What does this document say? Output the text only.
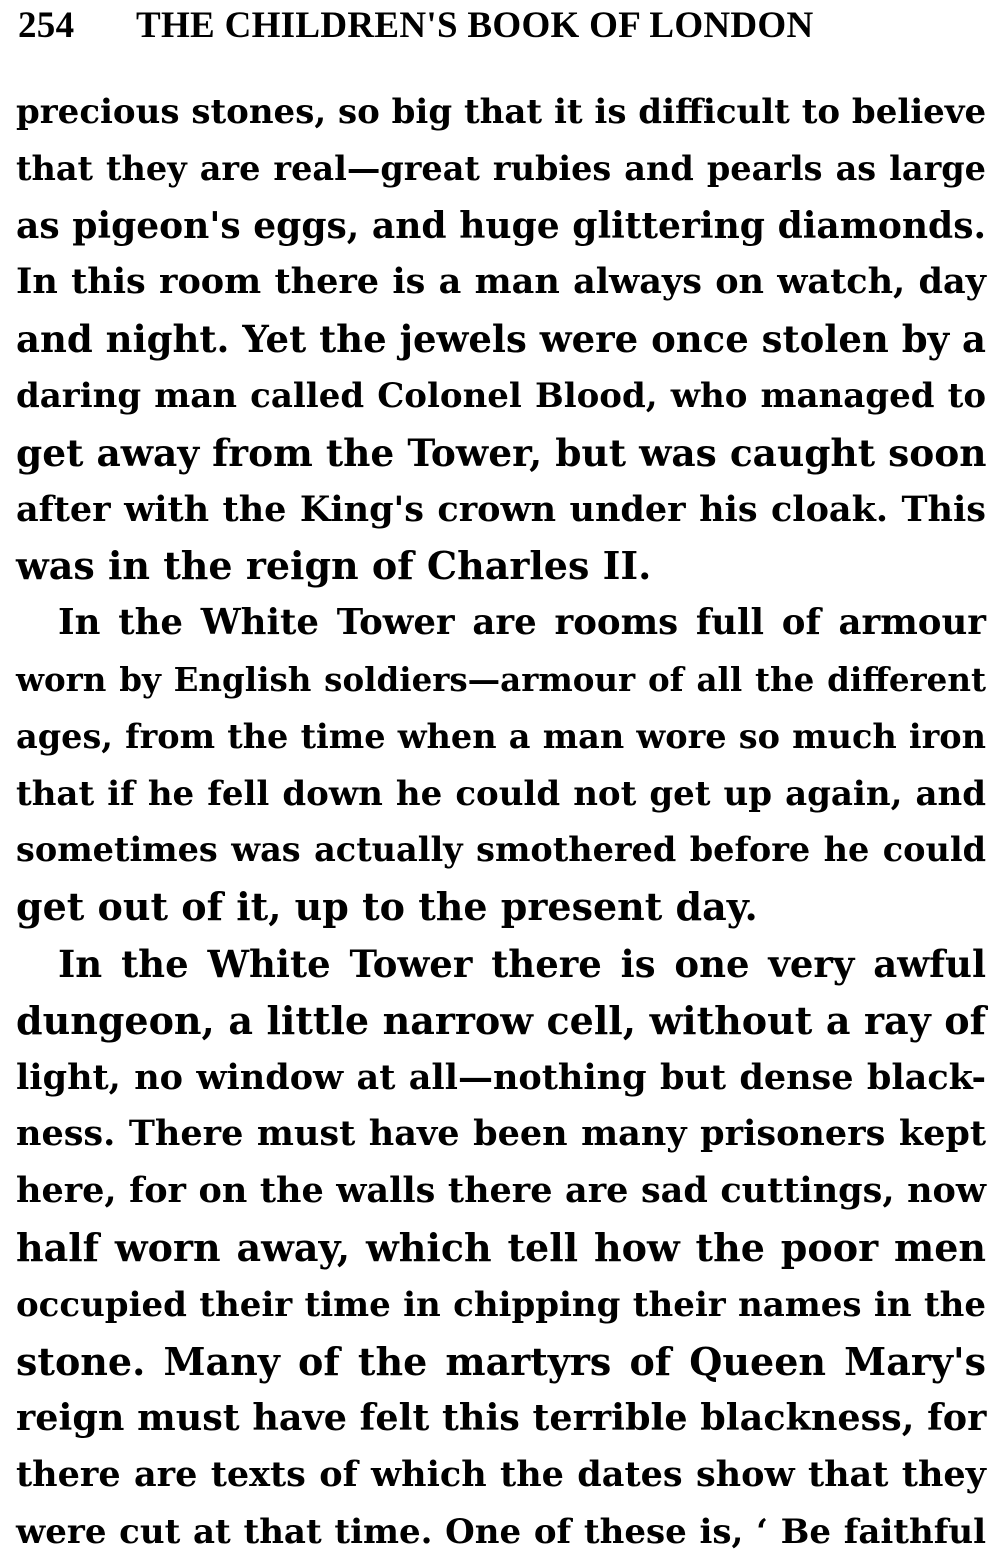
254	THE CHILDREN'S BOOK OF LONDON
precious stones, so big that it is difficult to believe
that they are real—great rubies and pearls as large
as pigeon's eggs, and huge glittering diamonds.
In this room there is a man always on watch, day
and night. Yet the jewels were once stolen by a
daring man called Colonel Blood, who managed to
get away from the Tower, but was caught soon
after with the King's crown under his cloak. This
was in the reign of Charles II.
In the White Tower are rooms full of armour
worn by English soldiers—armour of all the different
ages, from the time when a man wore so much iron
that if he fell down he could not get up again, and
sometimes was actually smothered before he could
get out of it, up to the present day.
In the White Tower there is one very awful
dungeon, a little narrow cell, without a ray of
light, no window at all—nothing but dense black-
ness. There must have been many prisoners kept
here, for on the walls there are sad cuttings, now
half worn away, which tell how the poor men
occupied their time in chipping their names in the
stone. Many of the martyrs of Queen Mary's
reign must have felt this terrible blackness, for
there are texts of which the dates show that they
were cut at that time. One of these is, ‘ Be faithful
